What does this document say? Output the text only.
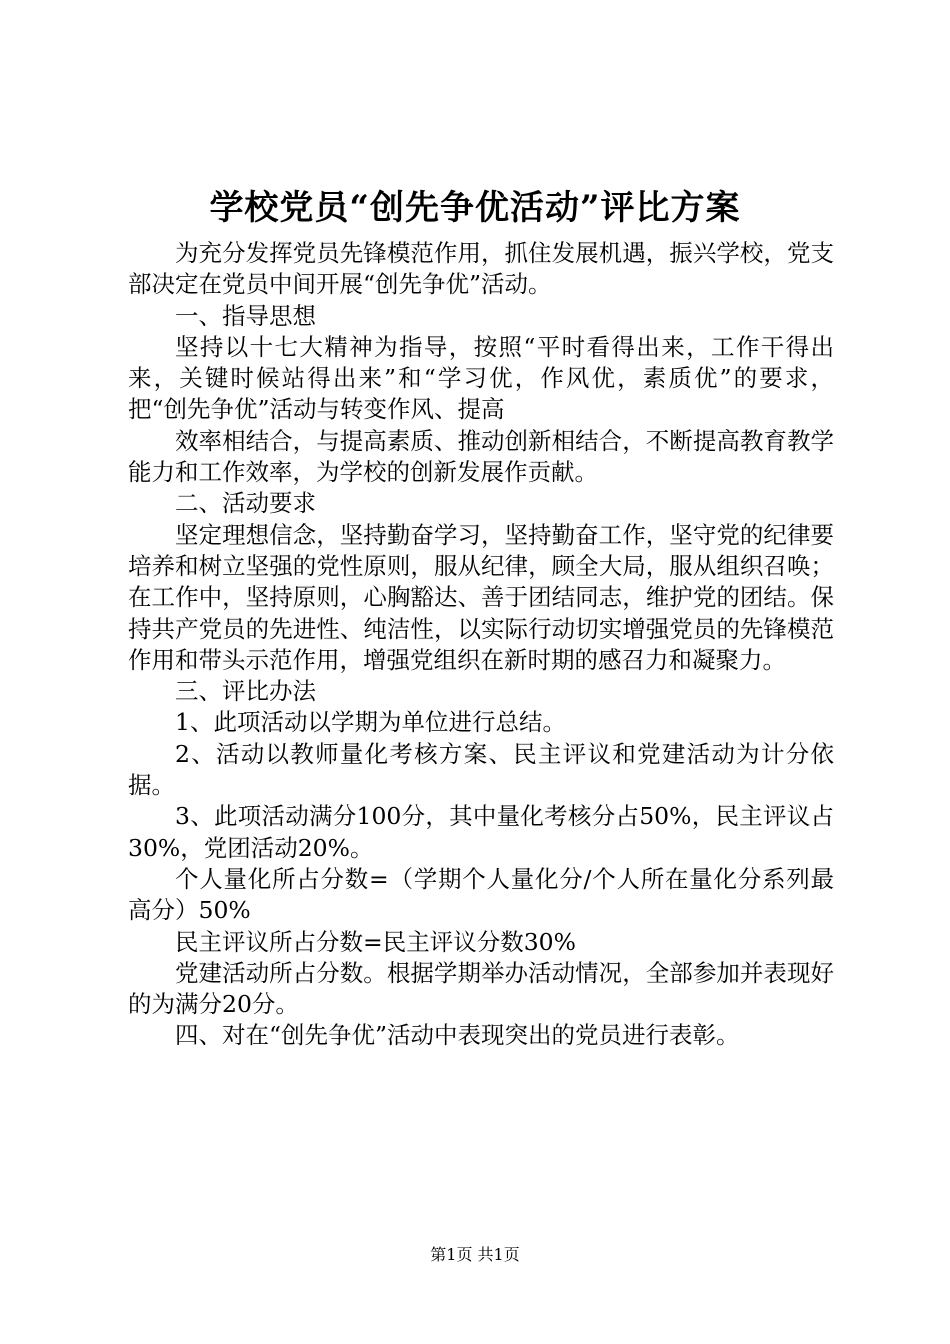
学校党员“创先争优活动”评比方案

为充分发挥党员先锋模范作用，抓住发展机遇，振兴学校，党支部决定在党员中间开展“创先争优”活动。

一、指导思想

坚持以十七大精神为指导，按照“平时看得出来，工作干得出来，关键时候站得出来”和“学习优，作风优，素质优”的要求，把“创先争优”活动与转变作风、提高

效率相结合，与提高素质、推动创新相结合，不断提高教育教学能力和工作效率，为学校的创新发展作贡献。

二、活动要求

坚定理想信念，坚持勤奋学习，坚持勤奋工作，坚守党的纪律要培养和树立坚强的党性原则，服从纪律，顾全大局，服从组织召唤；在工作中，坚持原则，心胸豁达、善于团结同志，维护党的团结。保持共产党员的先进性、纯洁性，以实际行动切实增强党员的先锋模范作用和带头示范作用，增强党组织在新时期的感召力和凝聚力。

三、评比办法

1、此项活动以学期为单位进行总结。

2、活动以教师量化考核方案、民主评议和党建活动为计分依据。

3、此项活动满分100分，其中量化考核分占50%，民主评议占30%，党团活动20%。

个人量化所占分数=（学期个人量化分/个人所在量化分系列最高分）50%

民主评议所占分数=民主评议分数30%

党建活动所占分数。根据学期举办活动情况，全部参加并表现好的为满分20分。

四、对在“创先争优”活动中表现突出的党员进行表彰。

第1页 共1页
